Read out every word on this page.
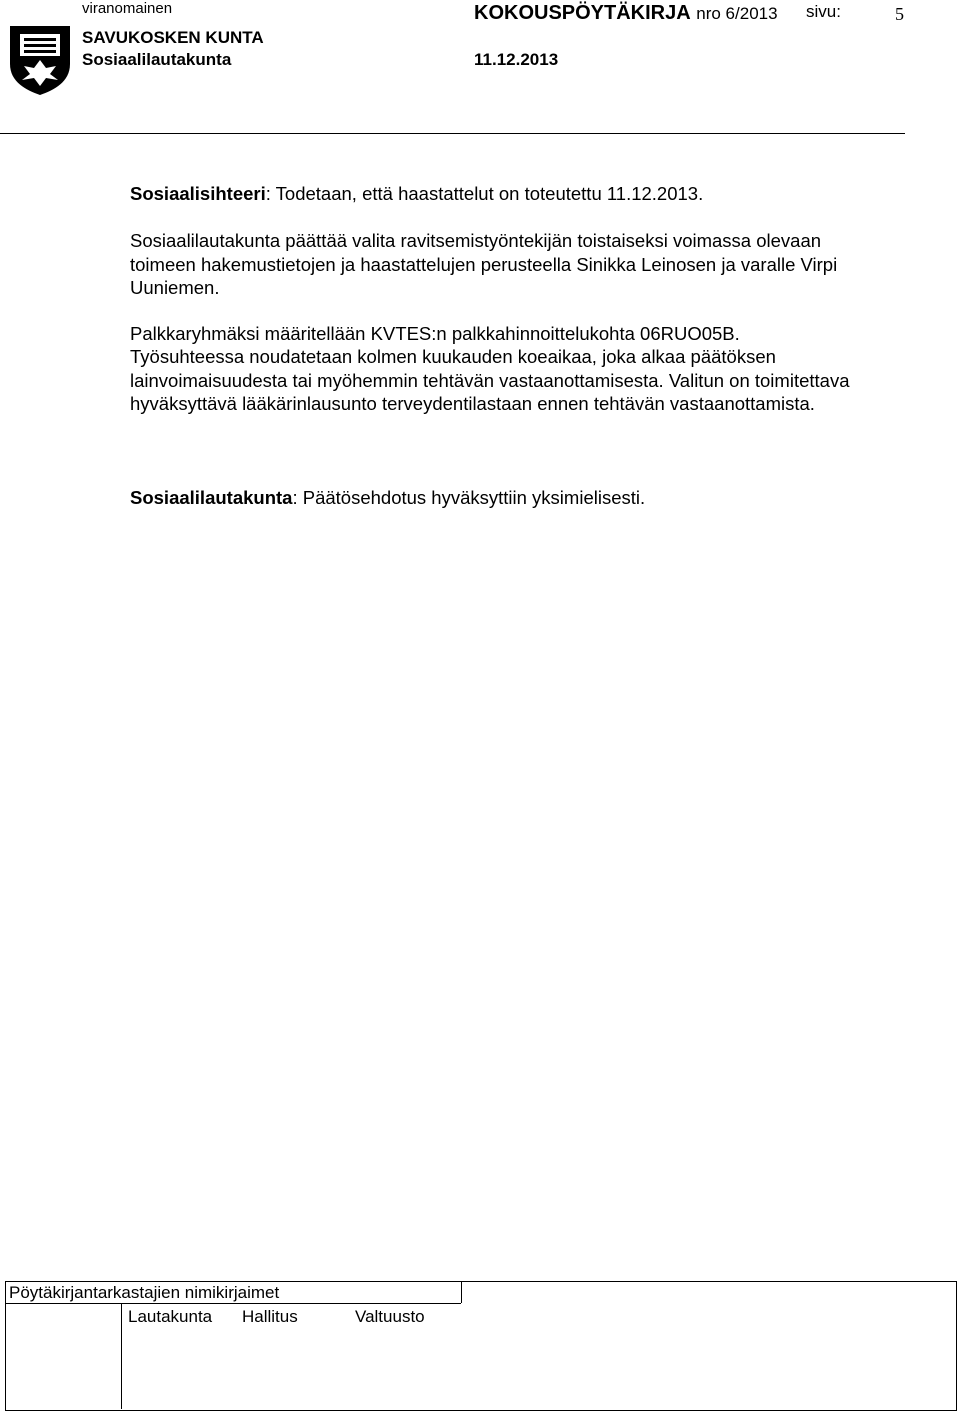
viranomainen	KOKOUSPÖYTÄKIRJA nro 6/2013 sivu:	5
SAVUKOSKEN KUNTA
Sosiaalilautakunta	11.12.2013
Sosiaalisihteeri: Todetaan, että haastattelut on toteutettu 11.12.2013.
Sosiaalilautakunta päättää valita ravitsemistyöntekijän toistaiseksi voimassa olevaan toimeen hakemustietojen ja haastattelujen perusteella Sinikka Leinosen ja varalle Virpi Uuniemen.
Palkkaryhmäksi määritellään KVTES:n palkkahinnoittelukohta 06RUO05B.
Työsuhteessa noudatetaan kolmen kuukauden koeaikaa, joka alkaa päätöksen lainvoimaisuudesta tai myöhemmin tehtävän vastaanottamisesta. Valitun on toimitettava hyväksyttävä lääkärinlausunto terveydentilastaan ennen tehtävän vastaanottamista.
Sosiaalilautakunta: Päätösehdotus hyväksyttiin yksimielisesti.
Pöytäkirjantarkastajien nimikirjaimet
Lautakunta Hallitus	Valtuusto
